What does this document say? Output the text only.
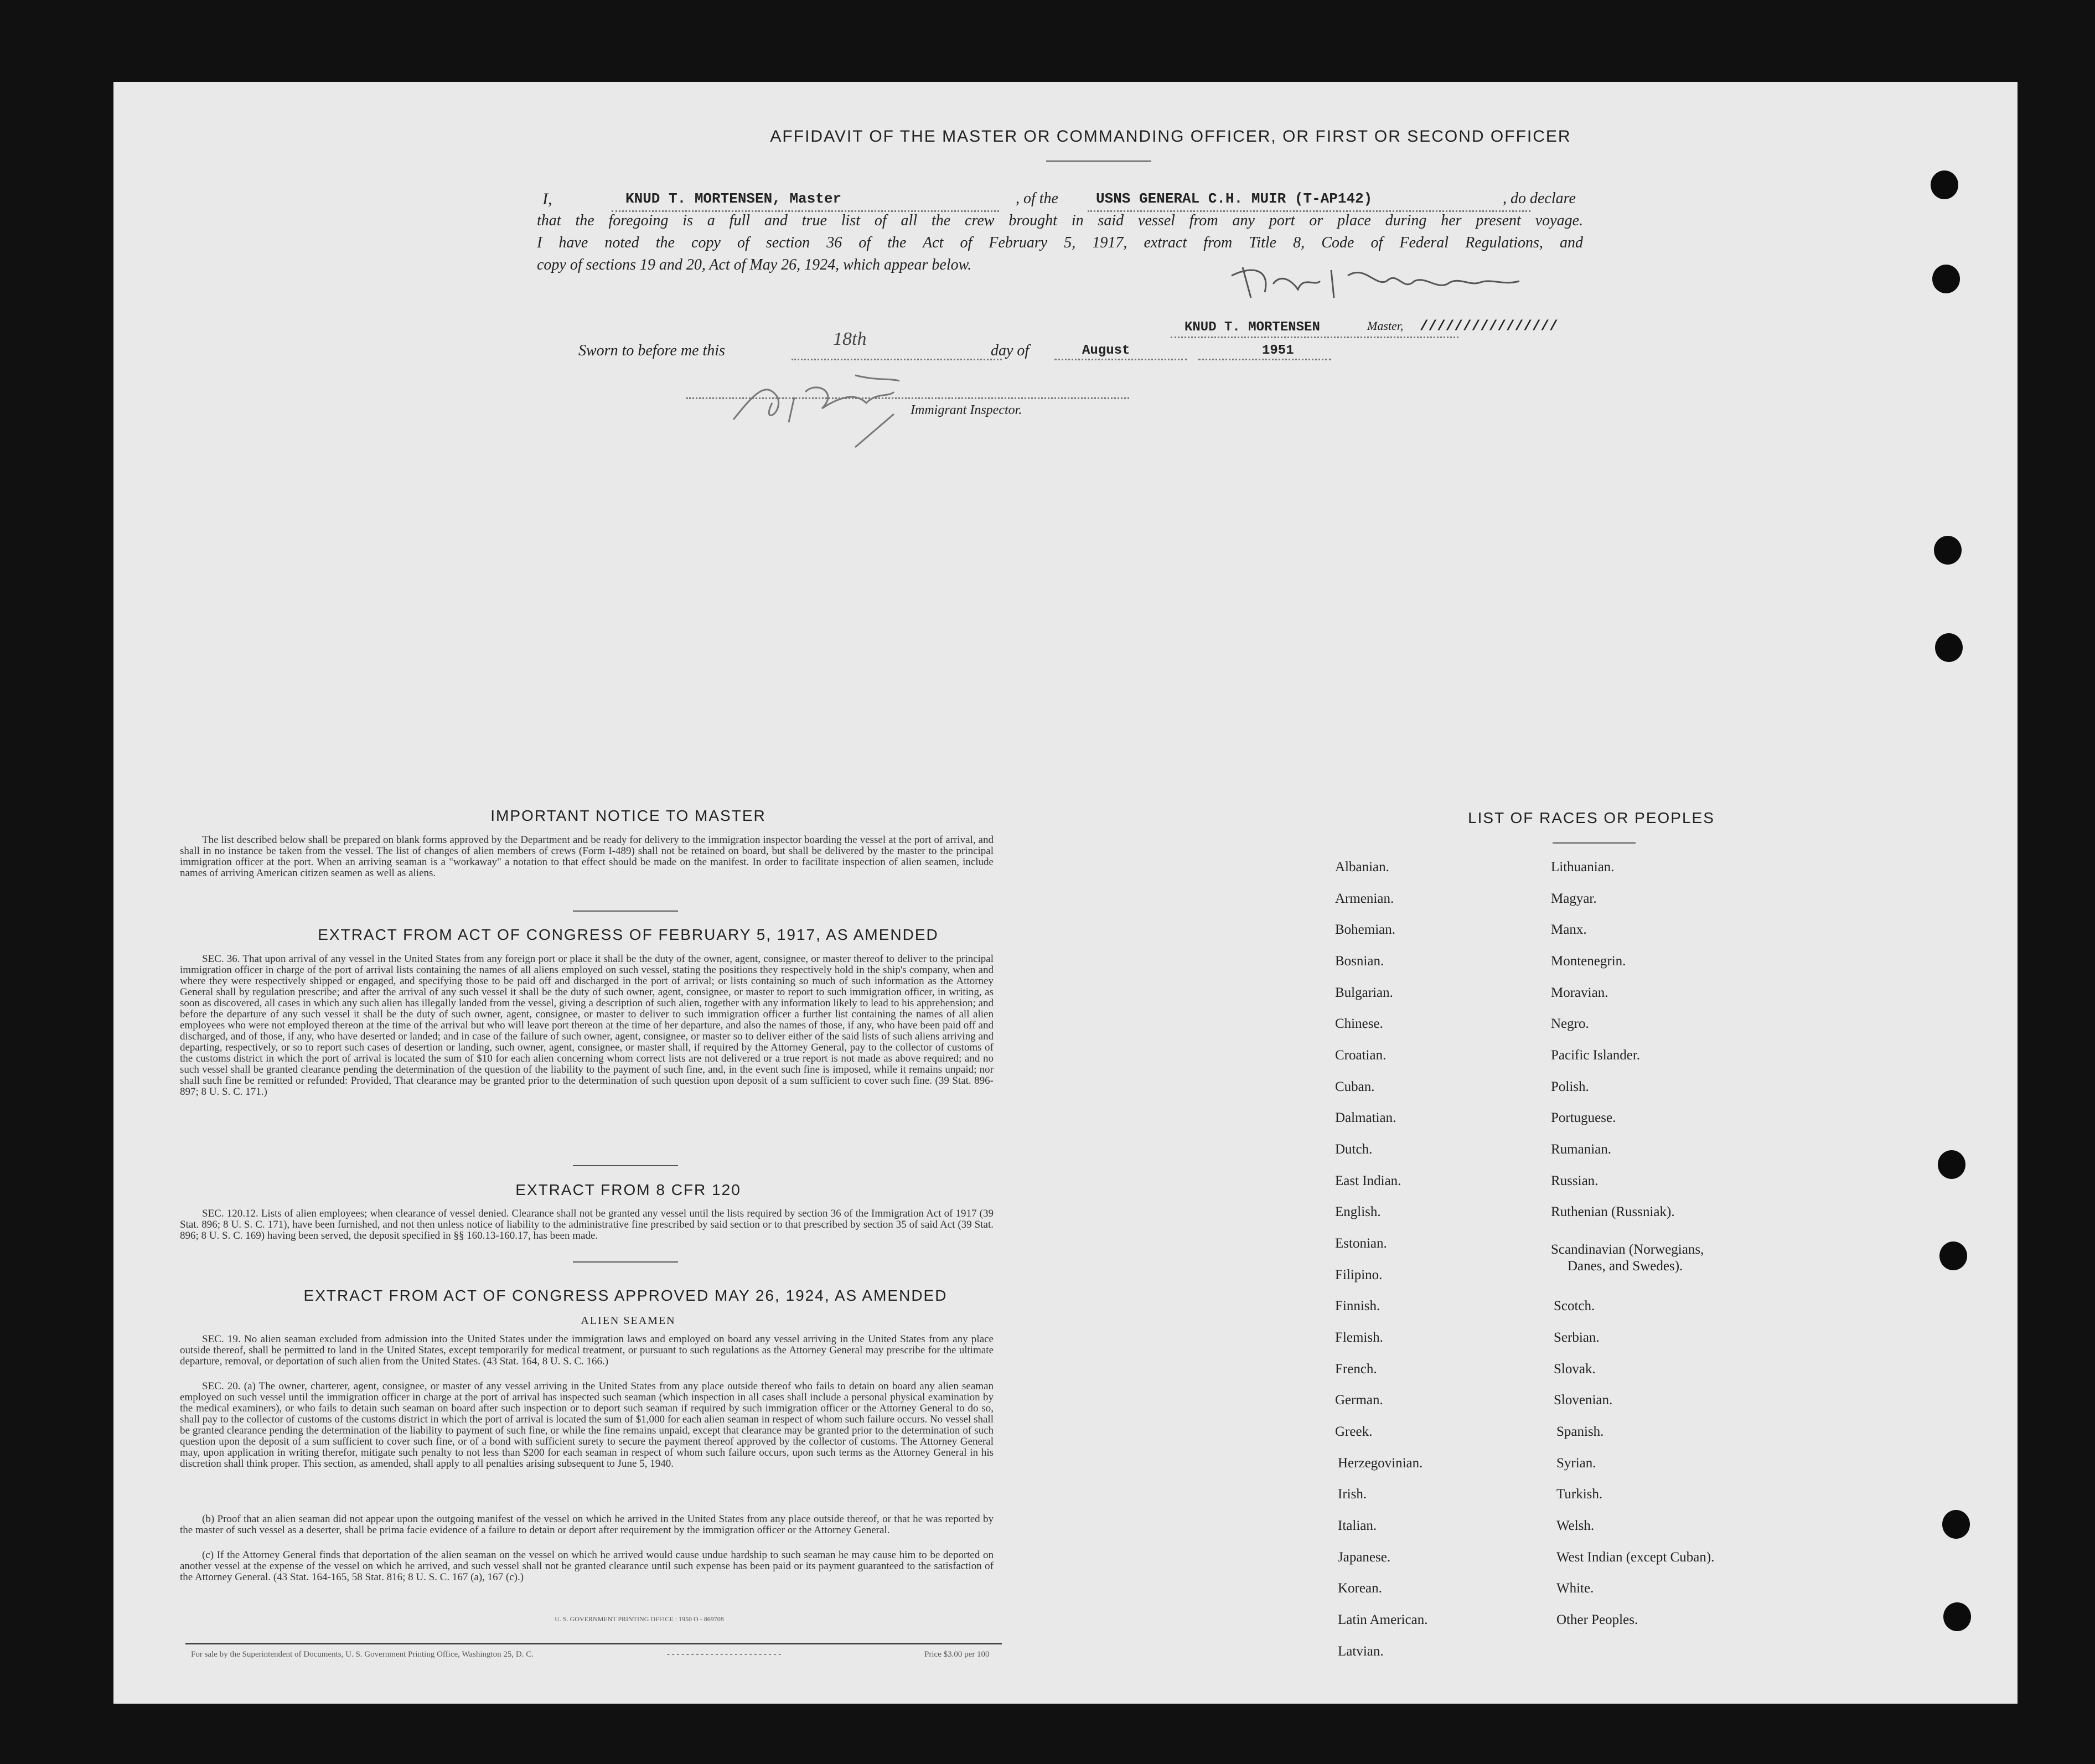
AFFIDAVIT OF THE MASTER OR COMMANDING OFFICER, OR FIRST OR SECOND OFFICER
I,	KNUD T. MORTENSEN, Master	, of the	USNS GENERAL C.H. MUIR (T-AP142)	, do declare
that the foregoing is a full and true list of all the crew brought in said vessel from any port or place during her present voyage.
I have noted the copy of section 36 of the Act of February 5, 1917, extract from Title 8, Code of Federal Regulations, and
copy of sections 19 and 20, Act of May 26, 1924, which appear below.
KNUD T. MORTENSEN	Master, ////////////////
Sworn to before me this
18th
day of	August	1951
Immigrant Inspector.
IMPORTANT NOTICE TO MASTER
The list described below shall be prepared on blank forms approved by the Department and be ready for delivery to the immigration inspector boarding the vessel at the port of arrival, and shall in no instance be taken from the vessel. The list of changes of alien members of crews (Form I-489) shall not be retained on board, but shall be delivered by the master to the principal immigration officer at the port. When an arriving seaman is a "workaway" a notation to that effect should be made on the manifest. In order to facilitate inspection of alien seamen, include names of arriving American citizen seamen as well as aliens.
EXTRACT FROM ACT OF CONGRESS OF FEBRUARY 5, 1917, AS AMENDED
SEC. 36. That upon arrival of any vessel in the United States from any foreign port or place it shall be the duty of the owner, agent, consignee, or master thereof to deliver to the principal immigration officer in charge of the port of arrival lists containing the names of all aliens employed on such vessel, stating the positions they respectively hold in the ship's company, when and where they were respectively shipped or engaged, and specifying those to be paid off and discharged in the port of arrival; or lists containing so much of such information as the Attorney General shall by regulation prescribe; and after the arrival of any such vessel it shall be the duty of such owner, agent, consignee, or master to report to such immigration officer, in writing, as soon as discovered, all cases in which any such alien has illegally landed from the vessel, giving a description of such alien, together with any information likely to lead to his apprehension; and before the departure of any such vessel it shall be the duty of such owner, agent, consignee, or master to deliver to such immigration officer a further list containing the names of all alien employees who were not employed thereon at the time of the arrival but who will leave port thereon at the time of her departure, and also the names of those, if any, who have been paid off and discharged, and of those, if any, who have deserted or landed; and in case of the failure of such owner, agent, consignee, or master so to deliver either of the said lists of such aliens arriving and departing, respectively, or so to report such cases of desertion or landing, such owner, agent, consignee, or master shall, if required by the Attorney General, pay to the collector of customs of the customs district in which the port of arrival is located the sum of $10 for each alien concerning whom correct lists are not delivered or a true report is not made as above required; and no such vessel shall be granted clearance pending the determination of the question of the liability to the payment of such fine, and, in the event such fine is imposed, while it remains unpaid; nor shall such fine be remitted or refunded: Provided, That clearance may be granted prior to the determination of such question upon deposit of a sum sufficient to cover such fine. (39 Stat. 896-897; 8 U. S. C. 171.)
EXTRACT FROM 8 CFR 120
SEC. 120.12. Lists of alien employees; when clearance of vessel denied. Clearance shall not be granted any vessel until the lists required by section 36 of the Immigration Act of 1917 (39 Stat. 896; 8 U. S. C. 171), have been furnished, and not then unless notice of liability to the administrative fine prescribed by said section or to that prescribed by section 35 of said Act (39 Stat. 896; 8 U. S. C. 169) having been served, the deposit specified in §§ 160.13-160.17, has been made.
EXTRACT FROM ACT OF CONGRESS APPROVED MAY 26, 1924, AS AMENDED
ALIEN SEAMEN
SEC. 19. No alien seaman excluded from admission into the United States under the immigration laws and employed on board any vessel arriving in the United States from any place outside thereof, shall be permitted to land in the United States, except temporarily for medical treatment, or pursuant to such regulations as the Attorney General may prescribe for the ultimate departure, removal, or deportation of such alien from the United States. (43 Stat. 164, 8 U. S. C. 166.)
SEC. 20. (a) The owner, charterer, agent, consignee, or master of any vessel arriving in the United States from any place outside thereof who fails to detain on board any alien seaman employed on such vessel until the immigration officer in charge at the port of arrival has inspected such seaman (which inspection in all cases shall include a personal physical examination by the medical examiners), or who fails to detain such seaman on board after such inspection or to deport such seaman if required by such immigration officer or the Attorney General to do so, shall pay to the collector of customs of the customs district in which the port of arrival is located the sum of $1,000 for each alien seaman in respect of whom such failure occurs. No vessel shall be granted clearance pending the determination of the liability to payment of such fine, or while the fine remains unpaid, except that clearance may be granted prior to the determination of such question upon the deposit of a sum sufficient to cover such fine, or of a bond with sufficient surety to secure the payment thereof approved by the collector of customs. The Attorney General may, upon application in writing therefor, mitigate such penalty to not less than $200 for each seaman in respect of whom such failure occurs, upon such terms as the Attorney General in his discretion shall think proper. This section, as amended, shall apply to all penalties arising subsequent to June 5, 1940.
(b) Proof that an alien seaman did not appear upon the outgoing manifest of the vessel on which he arrived in the United States from any place outside thereof, or that he was reported by the master of such vessel as a deserter, shall be prima facie evidence of a failure to detain or deport after requirement by the immigration officer or the Attorney General.
(c) If the Attorney General finds that deportation of the alien seaman on the vessel on which he arrived would cause undue hardship to such seaman he may cause him to be deported on another vessel at the expense of the vessel on which he arrived, and such vessel shall not be granted clearance until such expense has been paid or its payment guaranteed to the satisfaction of the Attorney General. (43 Stat. 164-165, 58 Stat. 816; 8 U. S. C. 167 (a), 167 (c).)
U. S. GOVERNMENT PRINTING OFFICE : 1950 O - 869708
For sale by the Superintendent of Documents, U. S. Government Printing Office, Washington 25, D. C.	- - - - - - - - - - - - - - - - - - - - - - - -	Price $3.00 per 100
LIST OF RACES OR PEOPLES
Albanian.
Armenian.
Bohemian.
Bosnian.
Bulgarian.
Chinese.
Croatian.
Cuban.
Dalmatian.
Dutch.
East Indian.
English.
Estonian.
Filipino.
Finnish.
Flemish.
French.
German.
Greek.
Herzegovinian.
Irish.
Italian.
Japanese.
Korean.
Latin American.
Latvian.
Lithuanian.
Magyar.
Manx.
Montenegrin.
Moravian.
Negro.
Pacific Islander.
Polish.
Portuguese.
Rumanian.
Russian.
Ruthenian (Russniak).
Scandinavian (Norwegians,
Danes, and Swedes).
Scotch.
Serbian.
Slovak.
Slovenian.
Spanish.
Syrian.
Turkish.
Welsh.
West Indian (except Cuban).
White.
Other Peoples.
